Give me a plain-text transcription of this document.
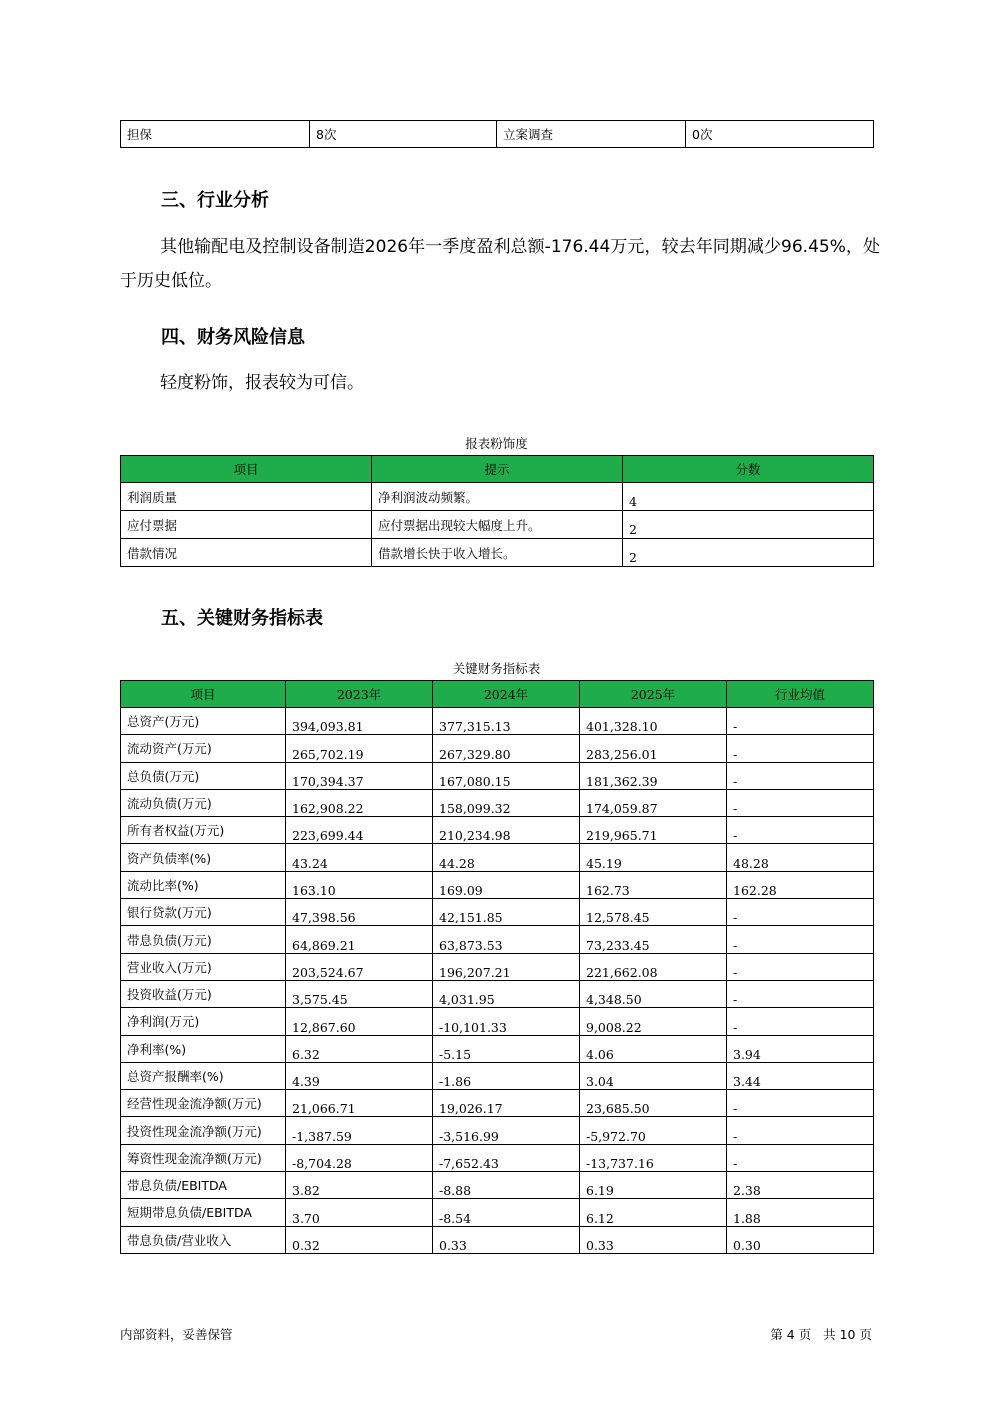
担保	8次	立案调查	0次
三、行业分析

其他输配电及控制设备制造2026年一季度盈利总额-176.44万元，较去年同期减少96.45%，处于历史低位。

四、财务风险信息

轻度粉饰，报表较为可信。

报表粉饰度
项目	提示	分数
利润质量	净利润波动频繁。	4
应付票据	应付票据出现较大幅度上升。	2
借款情况	借款增长快于收入增长。	2
五、关键财务指标表
关键财务指标表
项目	2023年	2024年	2025年	行业均值
总资产(万元)	394,093.81	377,315.13	401,328.10	-
流动资产(万元)	265,702.19	267,329.80	283,256.01	-
总负债(万元)	170,394.37	167,080.15	181,362.39	-
流动负债(万元)	162,908.22	158,099.32	174,059.87	-
所有者权益(万元)	223,699.44	210,234.98	219,965.71	-
资产负债率(%)	43.24	44.28	45.19	48.28
流动比率(%)	163.10	169.09	162.73	162.28
银行贷款(万元)	47,398.56	42,151.85	12,578.45	-
带息负债(万元)	64,869.21	63,873.53	73,233.45	-
营业收入(万元)	203,524.67	196,207.21	221,662.08	-
投资收益(万元)	3,575.45	4,031.95	4,348.50	-
净利润(万元)	12,867.60	-10,101.33	9,008.22	-
净利率(%)	6.32	-5.15	4.06	3.94
总资产报酬率(%)	4.39	-1.86	3.04	3.44
经营性现金流净额(万元)	21,066.71	19,026.17	23,685.50	-
投资性现金流净额(万元)	-1,387.59	-3,516.99	-5,972.70	-
筹资性现金流净额(万元)	-8,704.28	-7,652.43	-13,737.16	-
带息负债/EBITDA	3.82	-8.88	6.19	2.38
短期带息负债/EBITDA	3.70	-8.54	6.12	1.88
带息负债/营业收入	0.32	0.33	0.33	0.30
内部资料，妥善保管	第 4 页   共 10 页
